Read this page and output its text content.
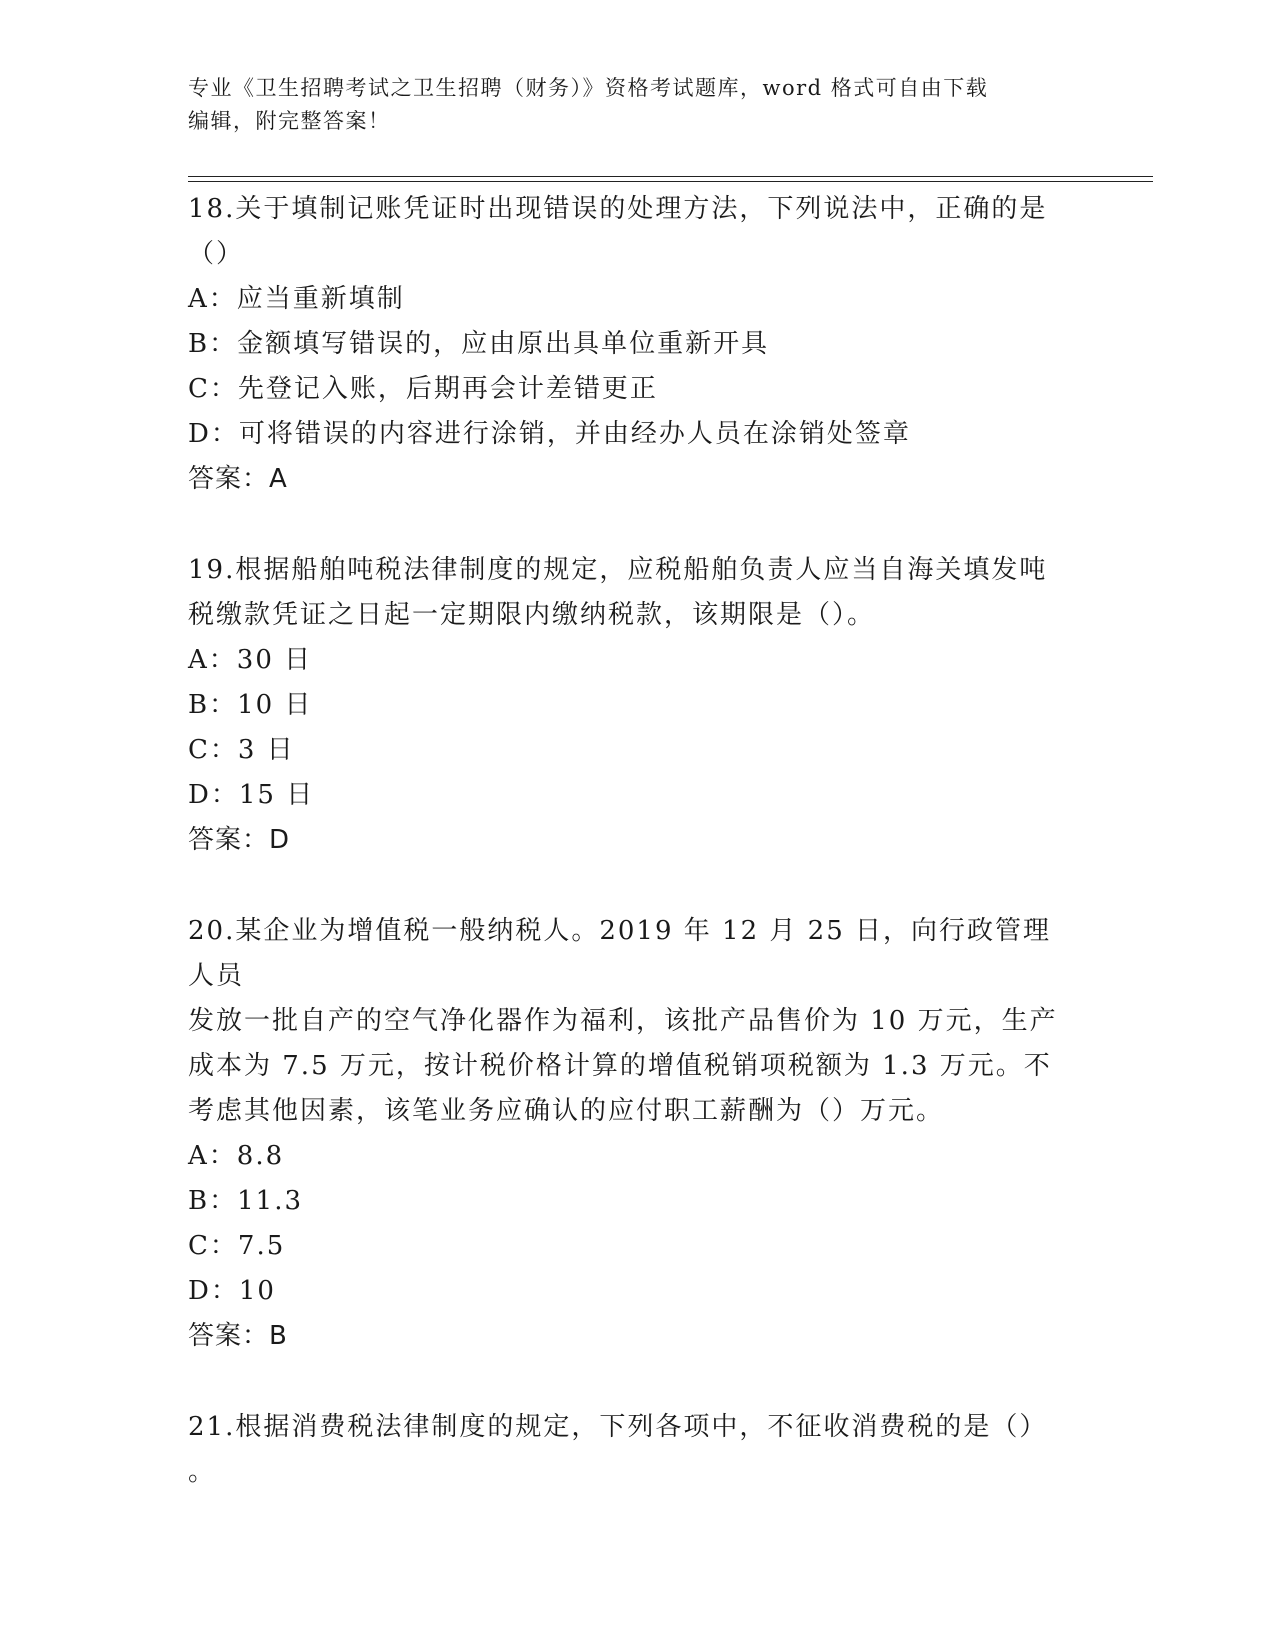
专业《卫生招聘考试之卫生招聘（财务）》资格考试题库，word 格式可自由下载
编辑，附完整答案！

18.关于填制记账凭证时出现错误的处理方法，下列说法中，正确的是
（）

A：应当重新填制

B：金额填写错误的，应由原出具单位重新开具

C：先登记入账，后期再会计差错更正

D：可将错误的内容进行涂销，并由经办人员在涂销处签章

答案：A

19.根据船舶吨税法律制度的规定，应税船舶负责人应当自海关填发吨
税缴款凭证之日起一定期限内缴纳税款，该期限是（）。

A：30 日

B：10 日

C：3 日

D：15 日

答案：D

20.某企业为增值税一般纳税人。2019 年 12 月 25 日，向行政管理人员
发放一批自产的空气净化器作为福利，该批产品售价为 10 万元，生产
成本为 7.5 万元，按计税价格计算的增值税销项税额为 1.3 万元。不
考虑其他因素，该笔业务应确认的应付职工薪酬为（）万元。

A：8.8

B：11.3

C：7.5

D：10

答案：B

21.根据消费税法律制度的规定，下列各项中，不征收消费税的是（）
。
